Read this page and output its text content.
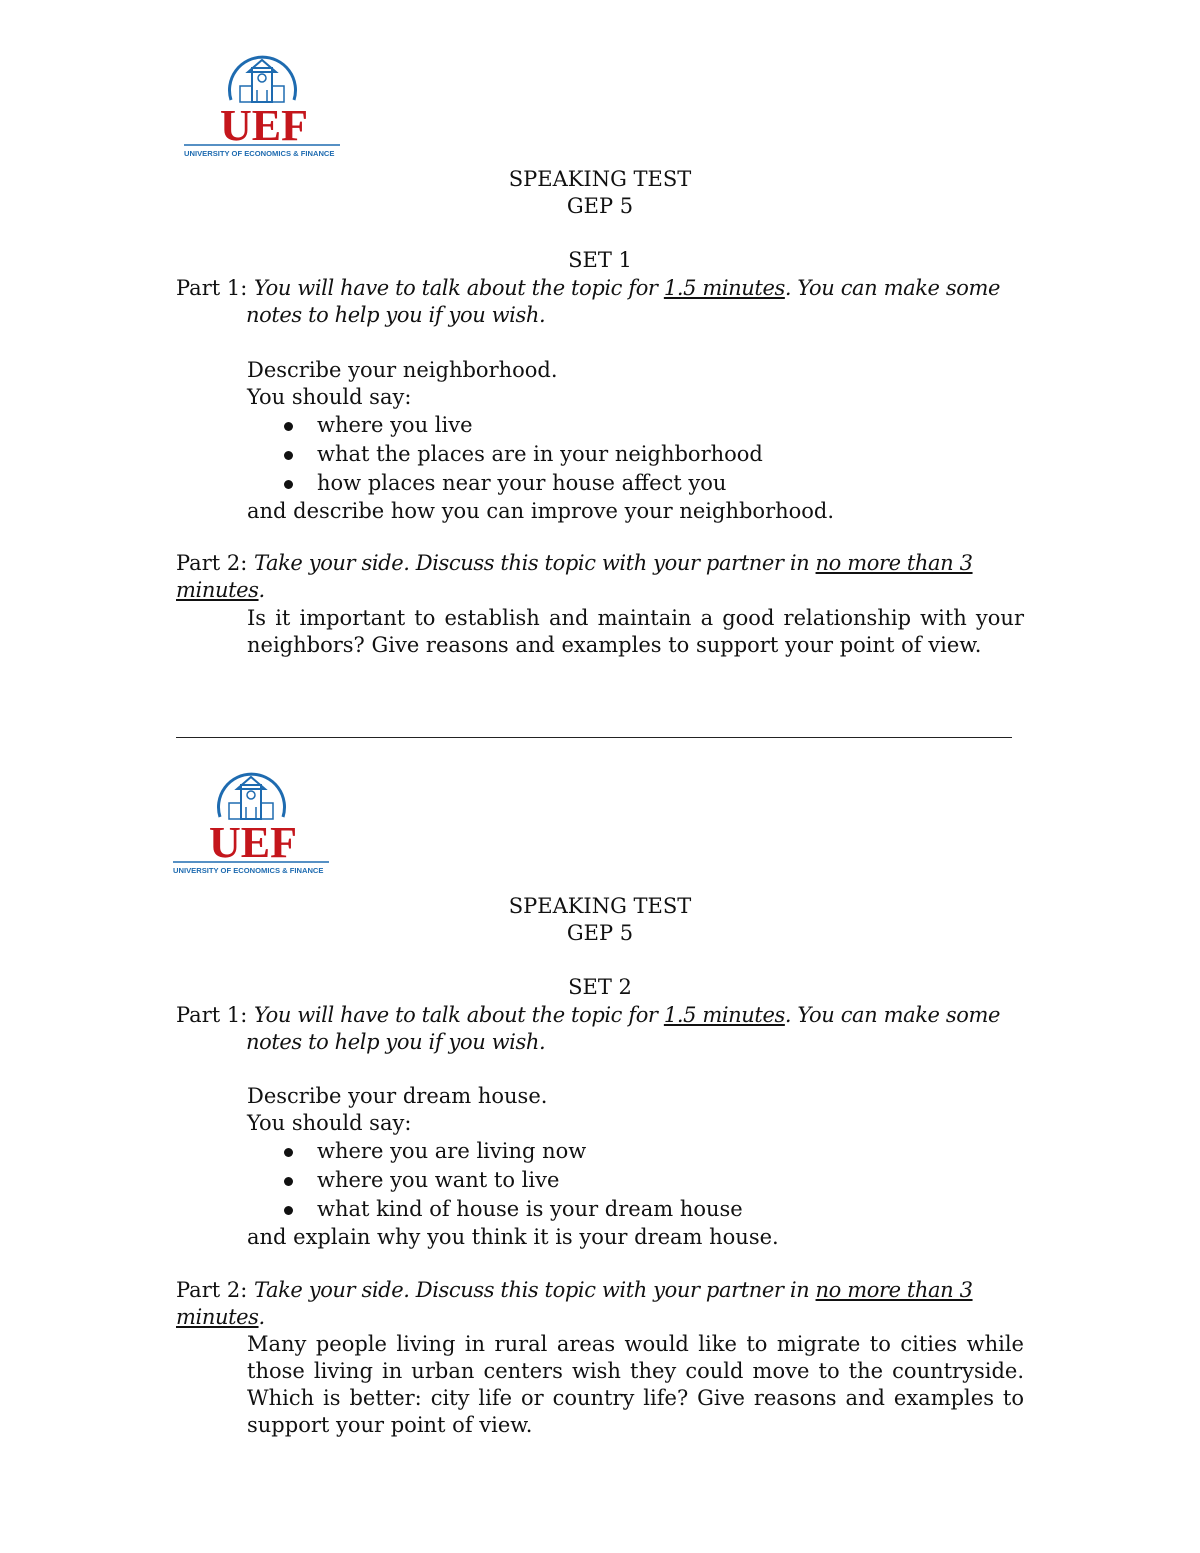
UEF
UNIVERSITY OF ECONOMICS & FINANCE

SPEAKING TEST

GEP 5

SET 1

Part 1: You will have to talk about the topic for 1.5 minutes. You can make some notes to help you if you wish.

Describe your neighborhood.

You should say:

where you live
what the places are in your neighborhood
how places near your house affect you

and describe how you can improve your neighborhood.

Part 2: Take your side. Discuss this topic with your partner in no more than 3 minutes.

Is it important to establish and maintain a good relationship with your neighbors? Give reasons and examples to support your point of view.

UEF
UNIVERSITY OF ECONOMICS & FINANCE

SPEAKING TEST

GEP 5

SET 2

Part 1: You will have to talk about the topic for 1.5 minutes. You can make some notes to help you if you wish.

Describe your dream house.

You should say:

where you are living now
where you want to live
what kind of house is your dream house

and explain why you think it is your dream house.

Part 2: Take your side. Discuss this topic with your partner in no more than 3 minutes.

Many people living in rural areas would like to migrate to cities while those living in urban centers wish they could move to the countryside. Which is better: city life or country life? Give reasons and examples to support your point of view.
